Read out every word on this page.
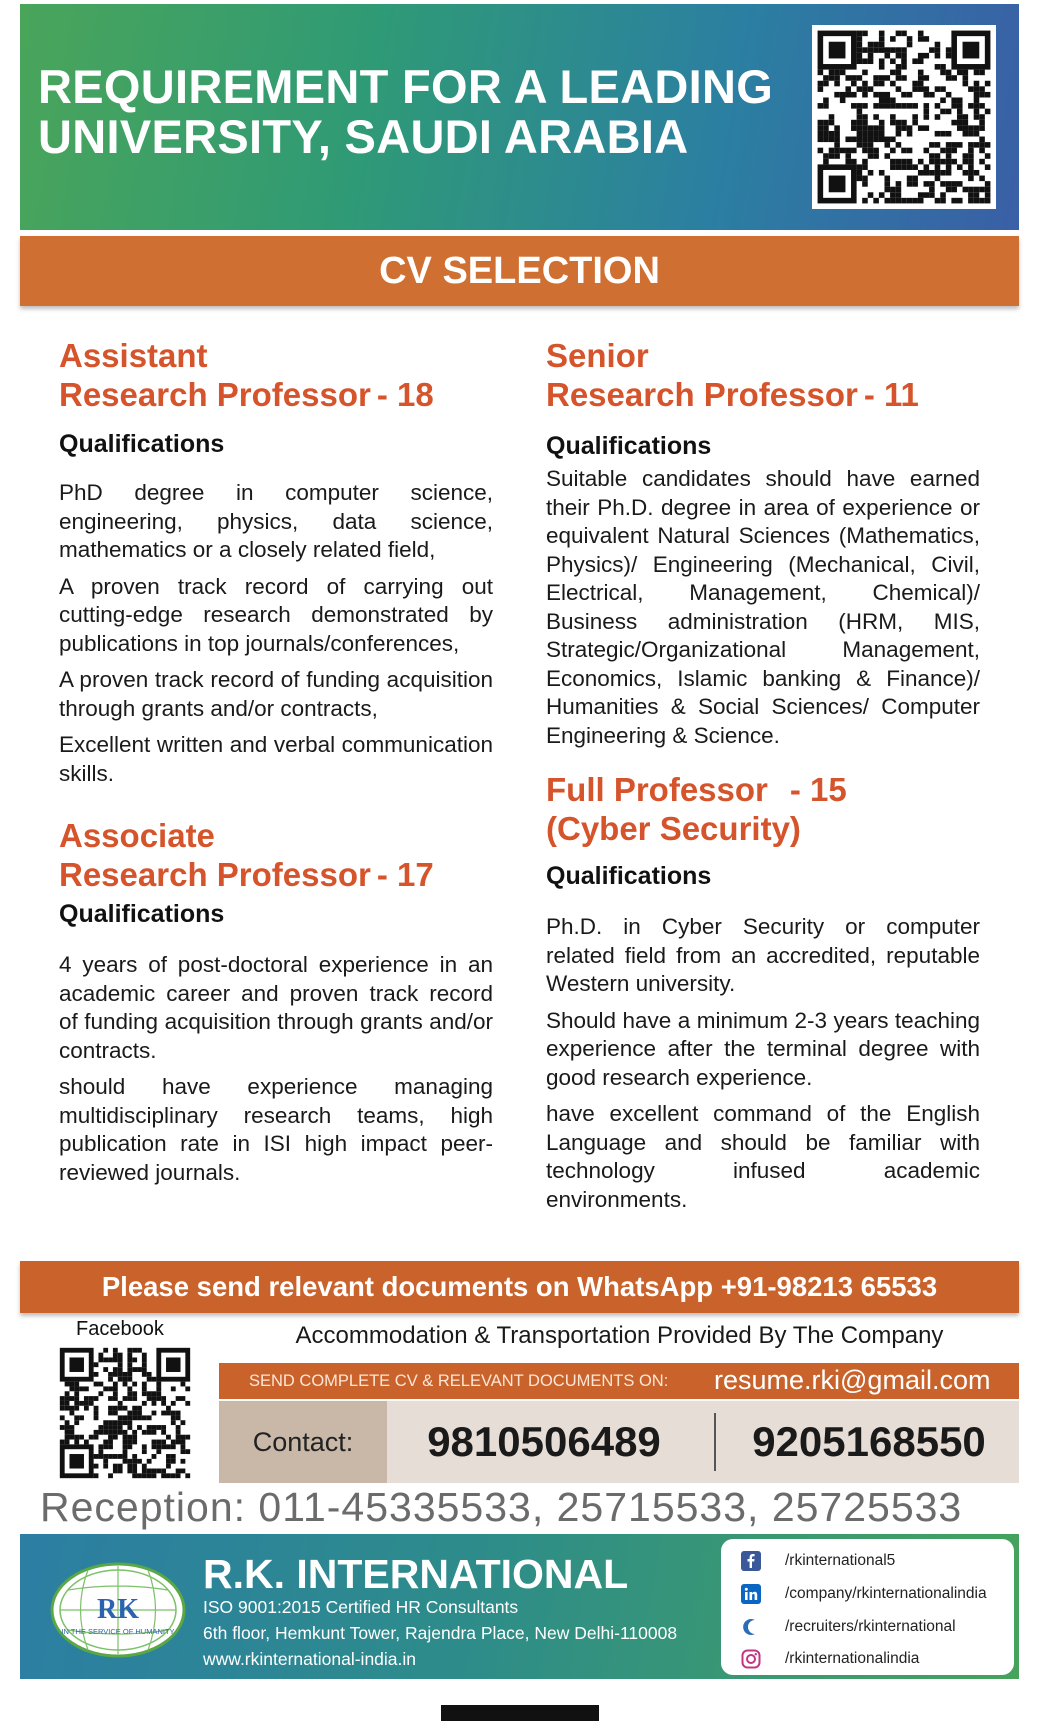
REQUIREMENT FOR A LEADING
UNIVERSITY, SAUDI ARABIA
CV SELECTION
Assistant
Research Professor - 18
Qualifications
PhD degree in computer science, engineering, physics, data science, mathematics or a closely related field,
A proven track record of carrying out cutting-edge research demonstrated by publications in top journals/conferences,
A proven track record of funding acquisition through grants and/or contracts,
Excellent written and verbal communication skills.
Associate
Research Professor - 17
Qualifications
4 years of post-doctoral experience in an academic career and proven track record of funding acquisition through grants and/or contracts.
should have experience managing multidisciplinary research teams, high publication rate in ISI high impact peer-reviewed journals.
Senior
Research Professor - 11
Qualifications
Suitable candidates should have earned their Ph.D. degree in area of experience or equivalent Natural Sciences (Mathematics, Physics)/ Engineering (Mechanical, Civil, Electrical, Management, Chemical)/ Business administration (HRM, MIS, Strategic/Organizational Management, Economics, Islamic banking & Finance)/ Humanities & Social Sciences/ Computer Engineering & Science.
Full Professor - 15
(Cyber Security)
Qualifications
Ph.D. in Cyber Security or computer related field from an accredited, reputable Western university.
Should have a minimum 2-3 years teaching experience after the terminal degree with good research experience.
have excellent command of the English Language and should be familiar with technology infused academic environments.
Please send relevant documents on WhatsApp +91-98213 65533
Facebook	Accommodation & Transportation Provided By The Company
SEND COMPLETE CV & RELEVANT DOCUMENTS ON: resume.rki@gmail.com
Contact:	9810506489	9205168550
Reception: 011-45335533, 25715533, 25725533
RK
IN THE SERVICE OF HUMANITY
R.K. INTERNATIONAL
ISO 9001:2015 Certified HR Consultants
6th floor, Hemkunt Tower, Rajendra Place, New Delhi-110008
www.rkinternational-india.in
/rkinternational5
/company/rkinternationalindia
/recruiters/rkinternational
/rkinternationalindia
